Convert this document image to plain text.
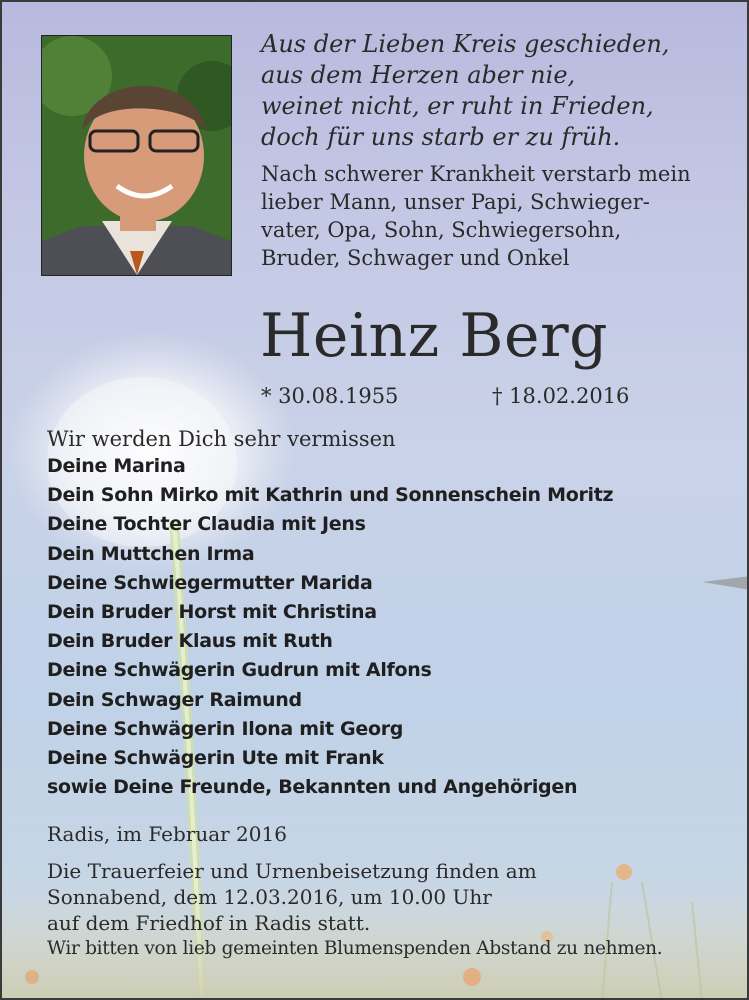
Aus der Lieben Kreis geschieden,
aus dem Herzen aber nie,
weinet nicht, er ruht in Frieden,
doch für uns starb er zu früh.
Nach schwerer Krankheit verstarb mein
lieber Mann, unser Papi, Schwieger-
vater, Opa, Sohn, Schwiegersohn,
Bruder, Schwager und Onkel
Heinz Berg
* 30.08.1955	† 18.02.2016
Wir werden Dich sehr vermissen
Deine Marina
Dein Sohn Mirko mit Kathrin und Sonnenschein Moritz
Deine Tochter Claudia mit Jens
Dein Muttchen Irma
Deine Schwiegermutter Marida
Dein Bruder Horst mit Christina
Dein Bruder Klaus mit Ruth
Deine Schwägerin Gudrun mit Alfons
Dein Schwager Raimund
Deine Schwägerin Ilona mit Georg
Deine Schwägerin Ute mit Frank
sowie Deine Freunde, Bekannten und Angehörigen
Radis, im Februar 2016
Die Trauerfeier und Urnenbeisetzung finden am
Sonnabend, dem 12.03.2016, um 10.00 Uhr
auf dem Friedhof in Radis statt.
Wir bitten von lieb gemeinten Blumenspenden Abstand zu nehmen.
